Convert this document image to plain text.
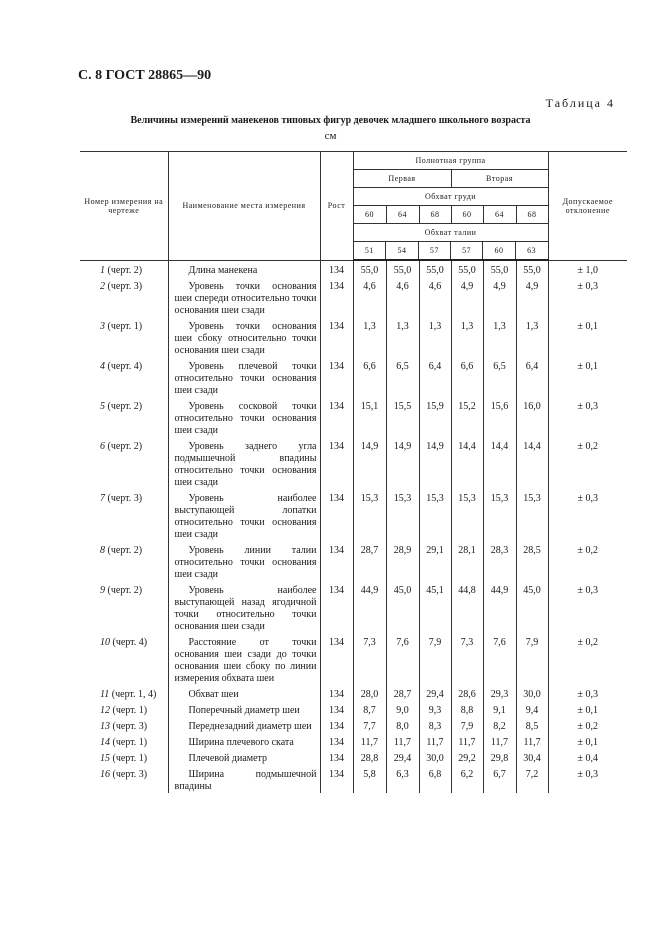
С. 8 ГОСТ 28865—90
Таблица 4
Величины измерений манекенов типовых фигур девочек младшего школьного возраста
см
Номер измерения на чертеже	Наименование места измерения	Рост	Полнотная группа	Допускаемое отклонение
Первая	Вторая
Обхват груди
60	64	68	60	64	68

Обхват талии
51	54	57	57	60	63

1 (черт. 2)	Длина манекена	134	55,0	55,0	55,0	55,0	55,0	55,0	± 1,0
2 (черт. 3)	Уровень точки основания шеи спереди относительно точки основания шеи сзади	134	4,6	4,6	4,6	4,9	4,9	4,9	± 0,3
3 (черт. 1)	Уровень точки основания шеи сбоку относительно точки основания шеи сзади	134	1,3	1,3	1,3	1,3	1,3	1,3	± 0,1
4 (черт. 4)	Уровень плечевой точки относительно точки основания шеи сзади	134	6,6	6,5	6,4	6,6	6,5	6,4	± 0,1
5 (черт. 2)	Уровень сосковой точки относительно точки основания шеи сзади	134	15,1	15,5	15,9	15,2	15,6	16,0	± 0,3
6 (черт. 2)	Уровень заднего угла подмышечной впадины относительно точки основания шеи сзади	134	14,9	14,9	14,9	14,4	14,4	14,4	± 0,2
7 (черт. 3)	Уровень наиболее выступающей лопатки относительно точки основания шеи сзади	134	15,3	15,3	15,3	15,3	15,3	15,3	± 0,3
8 (черт. 2)	Уровень линии талии относительно точки основания шеи сзади	134	28,7	28,9	29,1	28,1	28,3	28,5	± 0,2
9 (черт. 2)	Уровень наиболее выступающей назад ягодичной точки относительно точки основания шеи сзади	134	44,9	45,0	45,1	44,8	44,9	45,0	± 0,3
10 (черт. 4)	Расстояние от точки основания шеи сзади до точки основания шеи сбоку по линии измерения обхвата шеи	134	7,3	7,6	7,9	7,3	7,6	7,9	± 0,2
11 (черт. 1, 4)	Обхват шеи	134	28,0	28,7	29,4	28,6	29,3	30,0	± 0,3
12 (черт. 1)	Поперечный диаметр шеи	134	8,7	9,0	9,3	8,8	9,1	9,4	± 0,1
13 (черт. 3)	Переднезадний диаметр шеи	134	7,7	8,0	8,3	7,9	8,2	8,5	± 0,2
14 (черт. 1)	Ширина плечевого ската	134	11,7	11,7	11,7	11,7	11,7	11,7	± 0,1
15 (черт. 1)	Плечевой диаметр	134	28,8	29,4	30,0	29,2	29,8	30,4	± 0,4
16 (черт. 3)	Ширина подмышечной впадины	134	5,8	6,3	6,8	6,2	6,7	7,2	± 0,3
